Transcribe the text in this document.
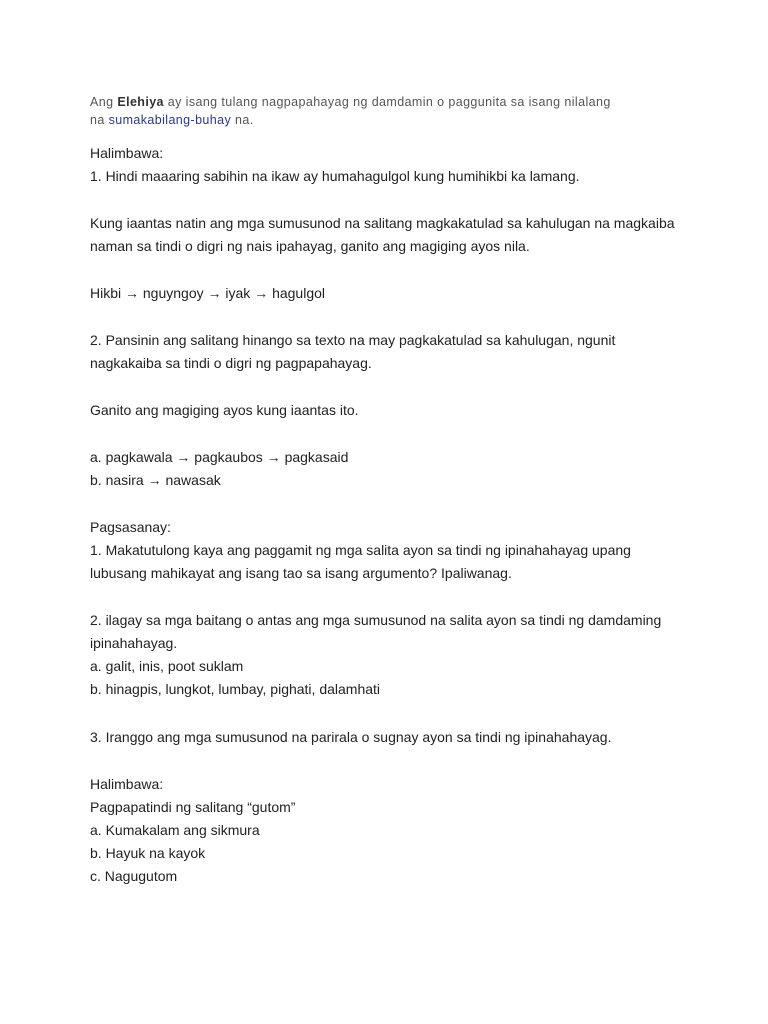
Ang Elehiya ay isang tulang nagpapahayag ng damdamin o paggunita sa isang nilalang
na sumakabilang-buhay na.
Halimbawa:
1. Hindi maaaring sabihin na ikaw ay humahagulgol kung humihikbi ka lamang.
Kung iaantas natin ang mga sumusunod na salitang magkakatulad sa kahulugan na magkaiba
naman sa tindi o digri ng nais ipahayag, ganito ang magiging ayos nila.
Hikbi → nguyngoy → iyak → hagulgol
2. Pansinin ang salitang hinango sa texto na may pagkakatulad sa kahulugan, ngunit
nagkakaiba sa tindi o digri ng pagpapahayag.
Ganito ang magiging ayos kung iaantas ito.
a. pagkawala → pagkaubos → pagkasaid
b. nasira → nawasak
Pagsasanay:
1. Makatutulong kaya ang paggamit ng mga salita ayon sa tindi ng ipinahahayag upang
lubusang mahikayat ang isang tao sa isang argumento? Ipaliwanag.
2. ilagay sa mga baitang o antas ang mga sumusunod na salita ayon sa tindi ng damdaming
ipinahahayag.
a. galit, inis, poot suklam
b. hinagpis, lungkot, lumbay, pighati, dalamhati
3. Iranggo ang mga sumusunod na parirala o sugnay ayon sa tindi ng ipinahahayag.
Halimbawa:
Pagpapatindi ng salitang “gutom”
a. Kumakalam ang sikmura
b. Hayuk na kayok
c. Nagugutom
